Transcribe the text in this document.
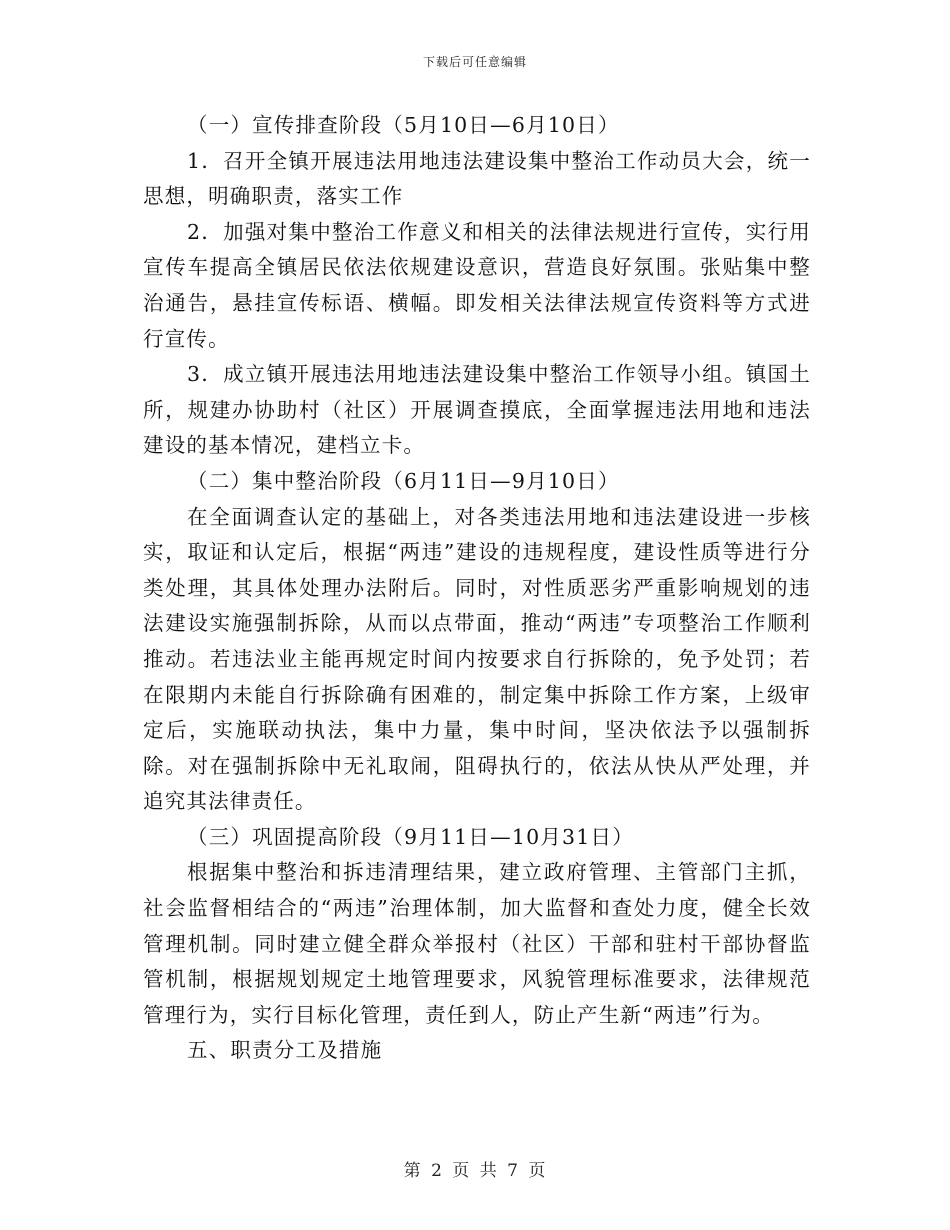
下载后可任意编辑

（一）宣传排查阶段（5月10日—6月10日）

1．召开全镇开展违法用地违法建设集中整治工作动员大会，统一思想，明确职责，落实工作

2．加强对集中整治工作意义和相关的法律法规进行宣传，实行用宣传车提高全镇居民依法依规建设意识，营造良好氛围。张贴集中整治通告，悬挂宣传标语、横幅。即发相关法律法规宣传资料等方式进行宣传。

3．成立镇开展违法用地违法建设集中整治工作领导小组。镇国土所，规建办协助村（社区）开展调查摸底，全面掌握违法用地和违法建设的基本情况，建档立卡。

（二）集中整治阶段（6月11日—9月10日）

在全面调查认定的基础上，对各类违法用地和违法建设进一步核实，取证和认定后，根据“两违”建设的违规程度，建设性质等进行分类处理，其具体处理办法附后。同时，对性质恶劣严重影响规划的违法建设实施强制拆除，从而以点带面，推动“两违”专项整治工作顺利推动。若违法业主能再规定时间内按要求自行拆除的，免予处罚；若在限期内未能自行拆除确有困难的，制定集中拆除工作方案，上级审定后，实施联动执法，集中力量，集中时间，坚决依法予以强制拆除。对在强制拆除中无礼取闹，阻碍执行的，依法从快从严处理，并追究其法律责任。

（三）巩固提高阶段（9月11日—10月31日）

根据集中整治和拆违清理结果，建立政府管理、主管部门主抓，社会监督相结合的“两违”治理体制，加大监督和查处力度，健全长效管理机制。同时建立健全群众举报村（社区）干部和驻村干部协督监管机制，根据规划规定土地管理要求，风貌管理标准要求，法律规范管理行为，实行目标化管理，责任到人，防止产生新“两违”行为。

五、职责分工及措施

第 2 页 共 7 页
